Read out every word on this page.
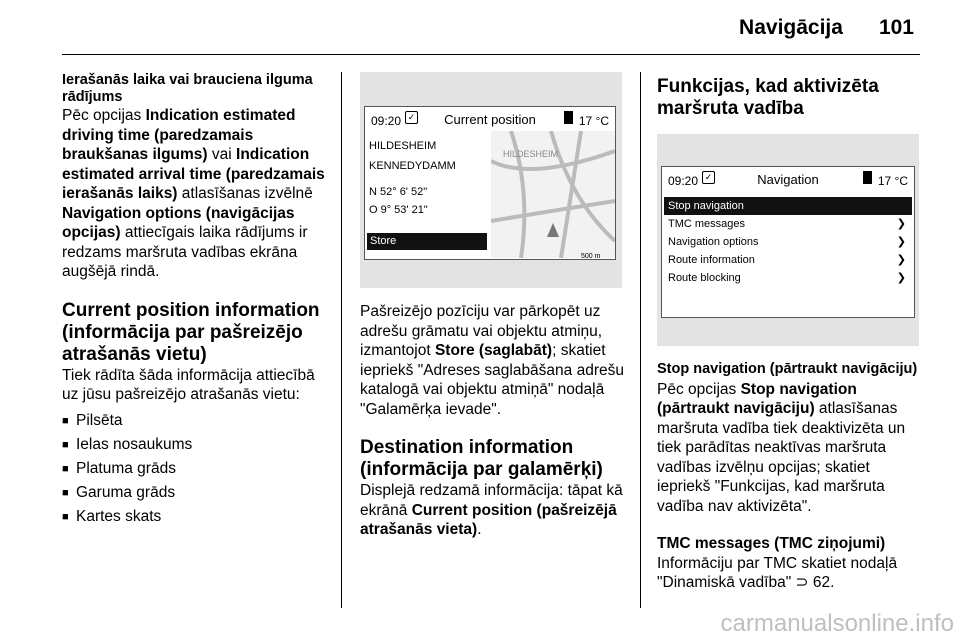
Navigācija 101
Ierašanās laika vai brauciena ilguma rādījums

Pēc opcijas Indication estimated driving time (paredzamais braukšanas ilgums) vai Indication estimated arrival time (paredzamais ierašanās laiks) atlasīšanas izvēlnē Navigation options (navigācijas opcijas) attiecīgais laika rādījums ir redzams maršruta vadības ekrāna augšējā rindā.

Current position information (informācija par pašreizējo atrašanās vietu)

Tiek rādīta šāda informācija attiecībā uz jūsu pašreizējo atrašanās vietu:

■ Pilsēta
■ Ielas nosaukums
■ Platuma grāds
■ Garuma grāds
■ Kartes skats
09:20 ✓	Current position	17 °C
HILDESHEIM
KENNEDYDAMM
N 52° 6' 52"
O 9° 53' 21"
Store
HILDESHEIM
500 m

Pašreizējo pozīciju var pārkopēt uz adrešu grāmatu vai objektu atmiņu, izmantojot Store (saglabāt); skatiet iepriekš "Adreses saglabāšana adrešu katalogā vai objektu atmiņā" nodaļā "Galamērķa ievade".

Destination information (informācija par galamērķi)

Displejā redzamā informācija: tāpat kā ekrānā Current position (pašreizējā atrašanās vieta).

Funkcijas, kad aktivizēta maršruta vadība
09:20 ✓	Navigation	17 °C
Stop navigation
TMC messages	❯
Navigation options	❯
Route information	❯
Route blocking	❯
Stop navigation (pārtraukt navigāciju)

Pēc opcijas Stop navigation (pārtraukt navigāciju) atlasīšanas maršruta vadība tiek deaktivizēta un tiek parādītas neaktīvas maršruta vadības izvēlņu opcijas; skatiet iepriekš "Funkcijas, kad maršruta vadība nav aktivizēta".

TMC messages (TMC ziņojumi)

Informāciju par TMC skatiet nodaļā "Dinamiskā vadība" ⊃ 62.

carmanualsonline.info
